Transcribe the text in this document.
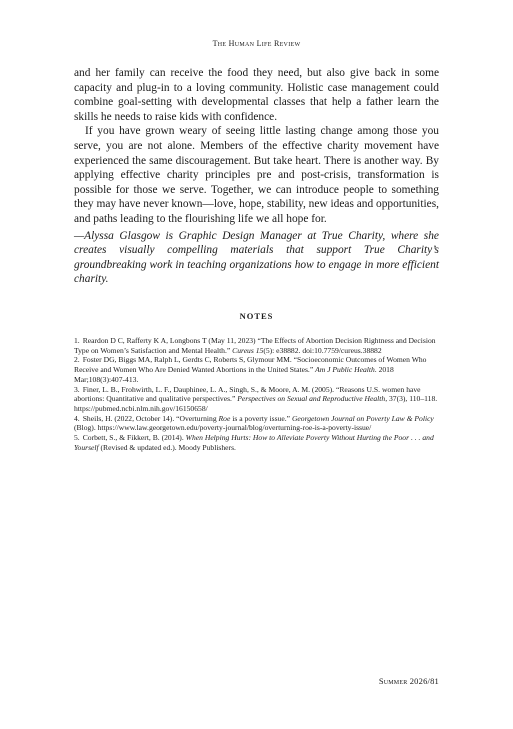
The Human Life Review

and her family can receive the food they need, but also give back in some capacity and plug-in to a loving community. Holistic case management could combine goal-setting with developmental classes that help a father learn the skills he needs to raise kids with confidence.

If you have grown weary of seeing little lasting change among those you serve, you are not alone. Members of the effective charity movement have experienced the same discouragement. But take heart. There is another way. By applying effective charity principles pre and post-crisis, transformation is possible for those we serve. Together, we can introduce people to something they may have never known—love, hope, stability, new ideas and opportunities, and paths leading to the flourishing life we all hope for.

—Alyssa Glasgow is Graphic Design Manager at True Charity, where she creates visually compelling materials that support True Charity’s groundbreaking work in teaching organizations how to engage in more efficient charity.

NOTES

1. Reardon D C, Rafferty K A, Longbons T (May 11, 2023) “The Effects of Abortion Decision Rightness and Decision Type on Women’s Satisfaction and Mental Health.” Cureus 15(5): e38882. doi:10.7759/cureus.38882

2. Foster DG, Biggs MA, Ralph L, Gerdts C, Roberts S, Glymour MM. “Socioeconomic Outcomes of Women Who Receive and Women Who Are Denied Wanted Abortions in the United States.” Am J Public Health. 2018 Mar;108(3):407-413.

3. Finer, L. B., Frohwirth, L. F., Dauphinee, L. A., Singh, S., & Moore, A. M. (2005). “Reasons U.S. women have abortions: Quantitative and qualitative perspectives.” Perspectives on Sexual and Reproductive Health, 37(3), 110–118. https://pubmed.ncbi.nlm.nih.gov/16150658/

4. Sheils, H. (2022, October 14). “Overturning Roe is a poverty issue.” Georgetown Journal on Poverty Law & Policy (Blog). https://www.law.georgetown.edu/poverty-journal/blog/overturning-roe-is-a-poverty-issue/

5. Corbett, S., & Fikkert, B. (2014). When Helping Hurts: How to Alleviate Poverty Without Hurting the Poor . . . and Yourself (Revised & updated ed.). Moody Publishers.

Summer 2026/81
